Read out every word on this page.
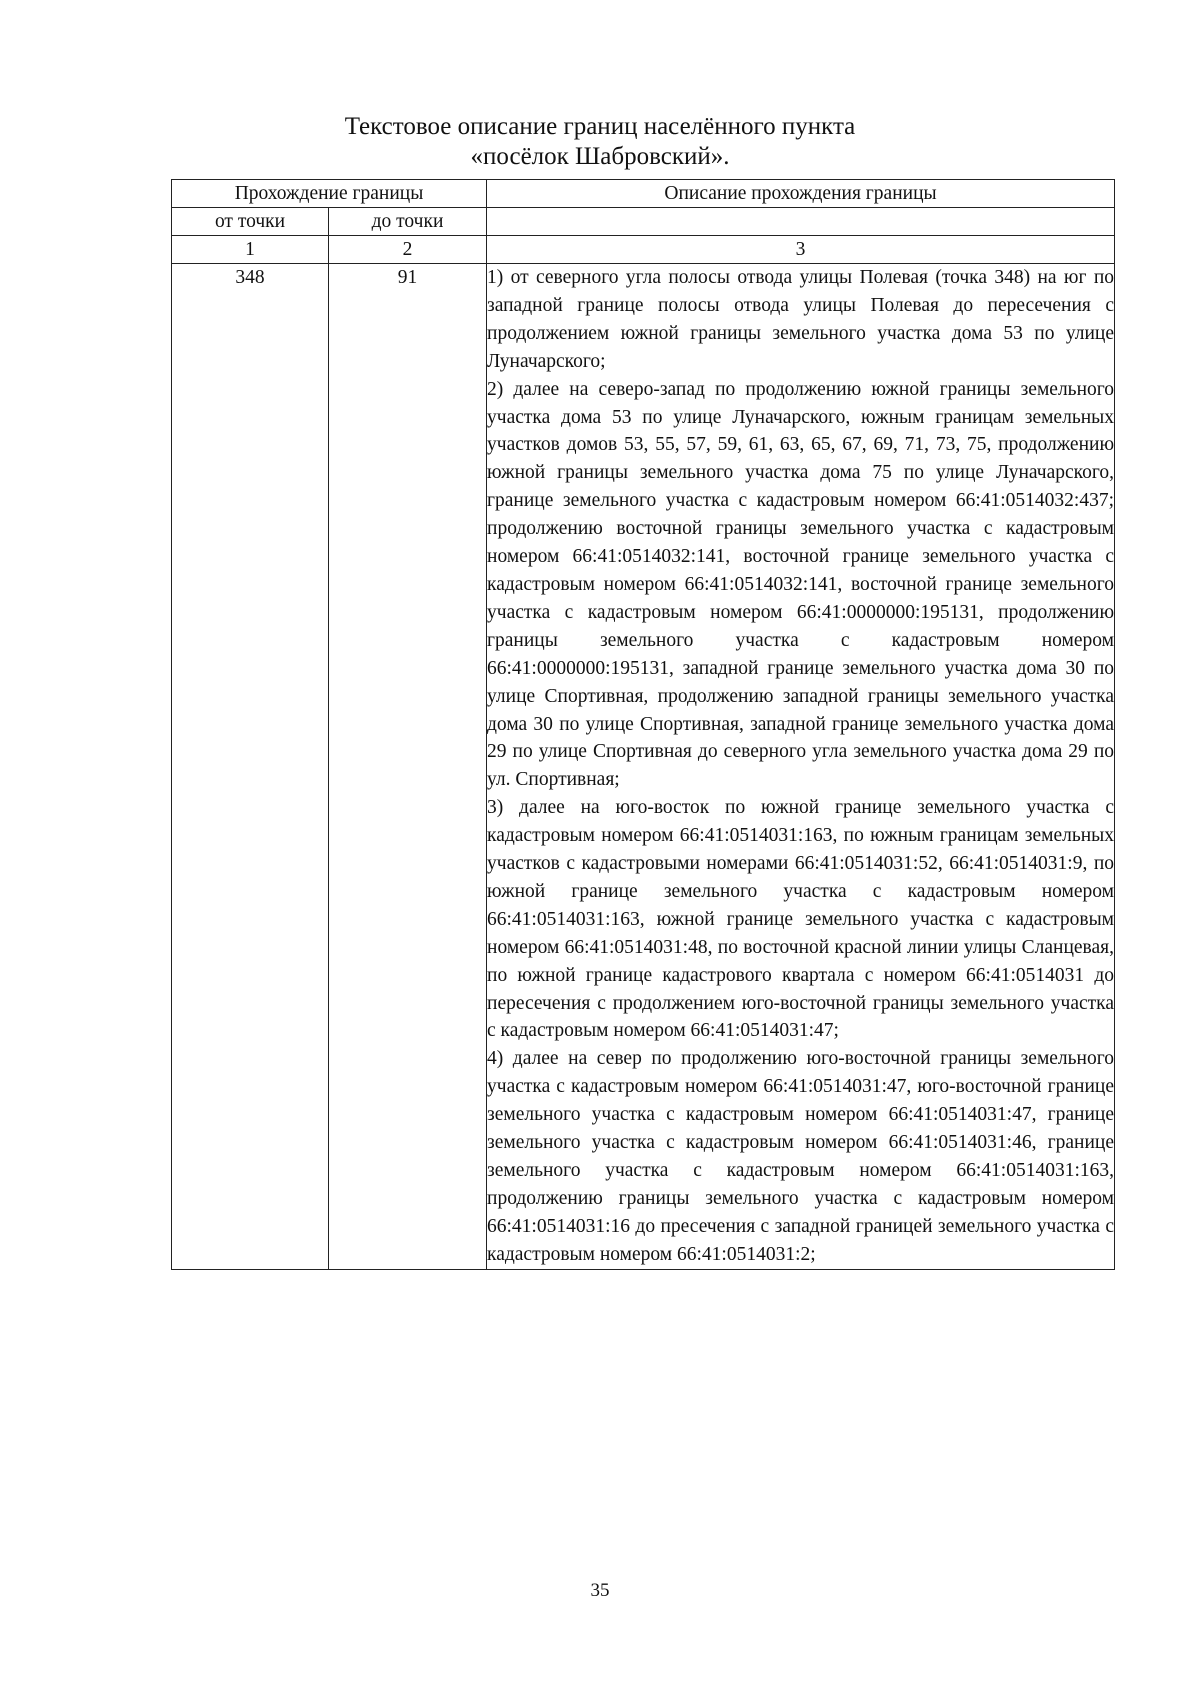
Текстовое описание границ населённого пункта
«посёлок Шабровский».
Прохождение границы		Описание прохождения границы
от точки	до точки	
1	2	3
348	91	1) от северного угла полосы отвода улицы Полевая (точка 348) на юг по западной границе полосы отвода улицы Полевая до пересечения с продолжением южной границы земельного участка дома 53 по улице Луначарского;

2) далее на северо-запад по продолжению южной границы земельного участка дома 53 по улице Луначарского, южным границам земельных участков домов 53, 55, 57, 59, 61, 63, 65, 67, 69, 71, 73, 75, продолжению южной границы земельного участка дома 75 по улице Луначарского, границе земельного участка с кадастровым номером 66:41:0514032:437; продолжению восточной границы земельного участка с кадастровым номером 66:41:0514032:141, восточной границе земельного участка с кадастровым номером 66:41:0514032:141, восточной границе земельного участка с кадастровым номером 66:41:0000000:195131, продолжению границы земельного участка с кадастровым номером 66:41:0000000:195131, западной границе земельного участка дома 30 по улице Спортивная, продолжению западной границы земельного участка дома 30 по улице Спортивная, западной границе земельного участка дома 29 по улице Спортивная до северного угла земельного участка дома 29 по ул. Спортивная;

3) далее на юго-восток по южной границе земельного участка с кадастровым номером 66:41:0514031:163, по южным границам земельных участков с кадастровыми номерами 66:41:0514031:52, 66:41:0514031:9, по южной границе земельного участка с кадастровым номером 66:41:0514031:163, южной границе земельного участка с кадастровым номером 66:41:0514031:48, по восточной красной линии улицы Сланцевая, по южной границе кадастрового квартала с номером 66:41:0514031 до пересечения с продолжением юго-восточной границы земельного участка с кадастровым номером 66:41:0514031:47;

4) далее на север по продолжению юго-восточной границы земельного участка с кадастровым номером 66:41:0514031:47, юго-восточной границе земельного участка с кадастровым номером 66:41:0514031:47, границе земельного участка с кадастровым номером 66:41:0514031:46, границе земельного участка с кадастровым номером 66:41:0514031:163, продолжению границы земельного участка с кадастровым номером 66:41:0514031:16 до пресечения с западной границей земельного участка с кадастровым номером 66:41:0514031:2;

35
